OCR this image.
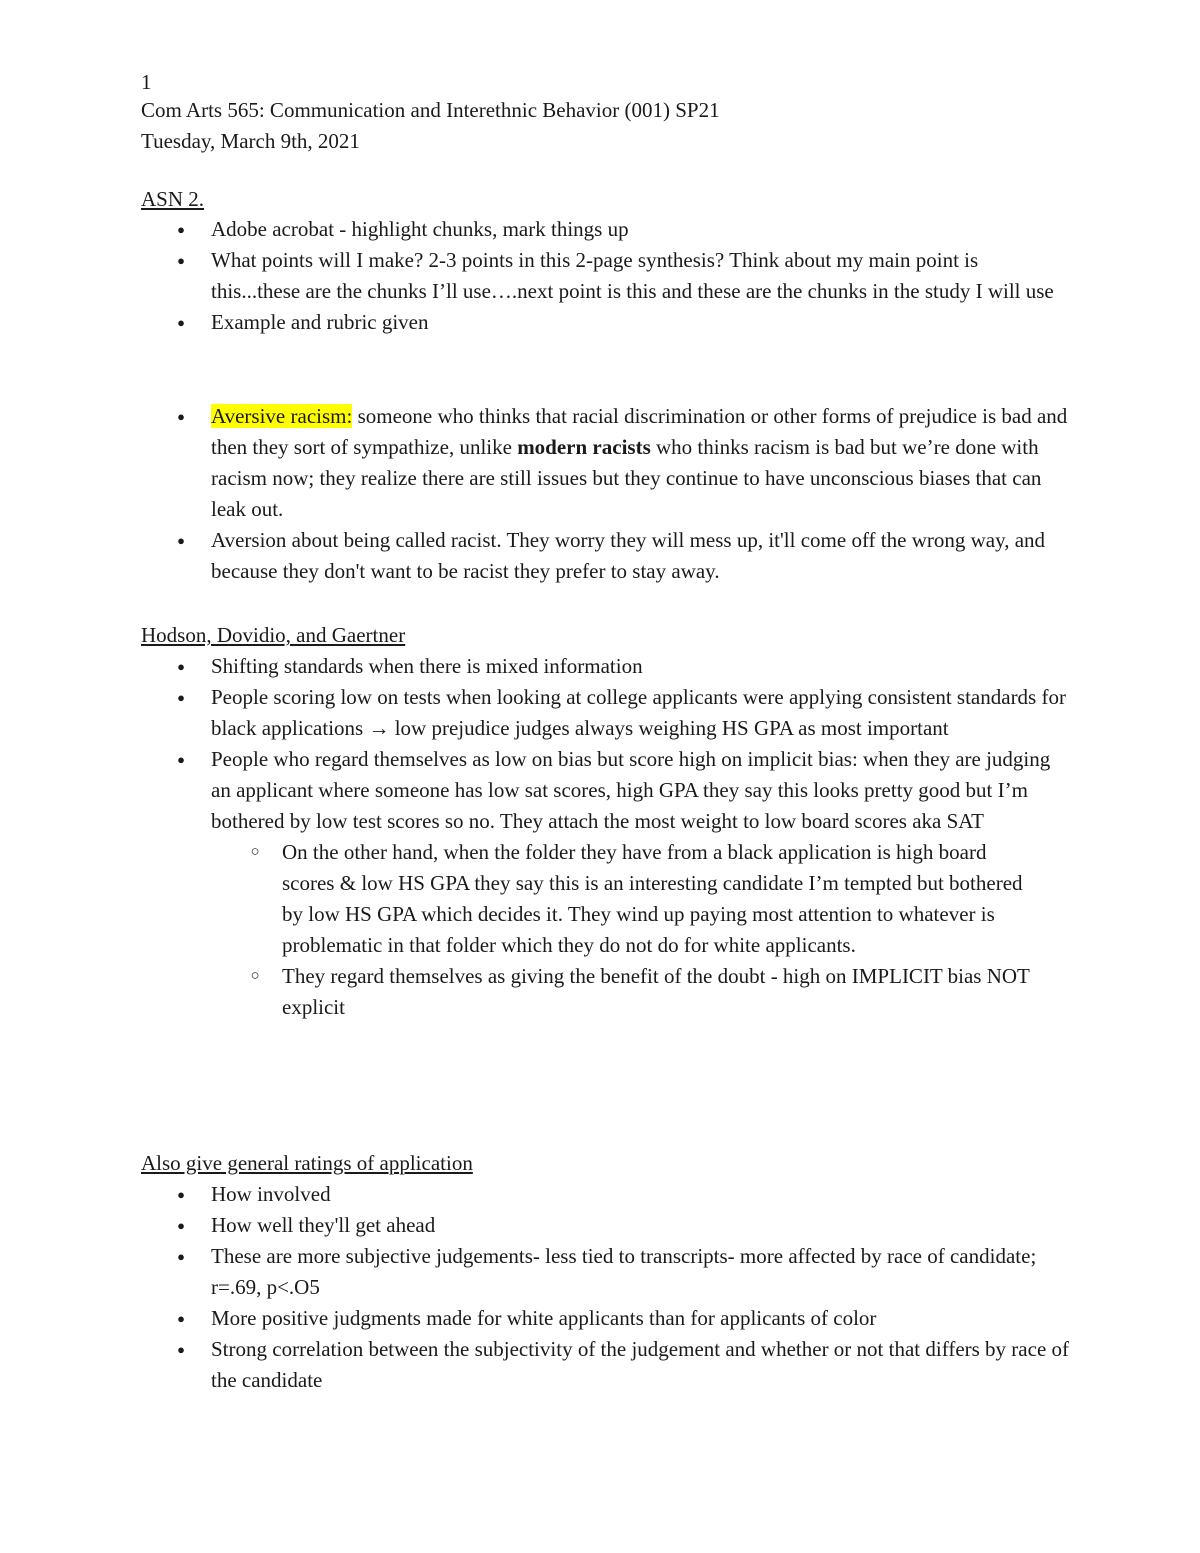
1
Com Arts 565: Communication and Interethnic Behavior (001) SP21
Tuesday, March 9th, 2021
ASN 2.
● Adobe acrobat - highlight chunks, mark things up
● What points will I make? 2-3 points in this 2-page synthesis? Think about my main point is this...these are the chunks I’ll use….next point is this and these are the chunks in the study I will use
● Example and rubric given
● Aversive racism: someone who thinks that racial discrimination or other forms of prejudice is bad and then they sort of sympathize, unlike modern racists who thinks racism is bad but we’re done with racism now; they realize there are still issues but they continue to have unconscious biases that can leak out.
● Aversion about being called racist. They worry they will mess up, it'll come off the wrong way, and because they don't want to be racist they prefer to stay away.
Hodson, Dovidio, and Gaertner
● Shifting standards when there is mixed information
● People scoring low on tests when looking at college applicants were applying consistent standards for black applications → low prejudice judges always weighing HS GPA as most important
● People who regard themselves as low on bias but score high on implicit bias: when they are judging an applicant where someone has low sat scores, high GPA they say this looks pretty good but I’m bothered by low test scores so no. They attach the most weight to low board scores aka SAT
○ On the other hand, when the folder they have from a black application is high board scores & low HS GPA they say this is an interesting candidate I’m tempted but bothered by low HS GPA which decides it. They wind up paying most attention to whatever is problematic in that folder which they do not do for white applicants.
○ They regard themselves as giving the benefit of the doubt - high on IMPLICIT bias NOT explicit
Also give general ratings of application
● How involved
● How well they'll get ahead
● These are more subjective judgements- less tied to transcripts- more affected by race of candidate; r=.69, p<.O5
● More positive judgments made for white applicants than for applicants of color
● Strong correlation between the subjectivity of the judgement and whether or not that differs by race of the candidate
